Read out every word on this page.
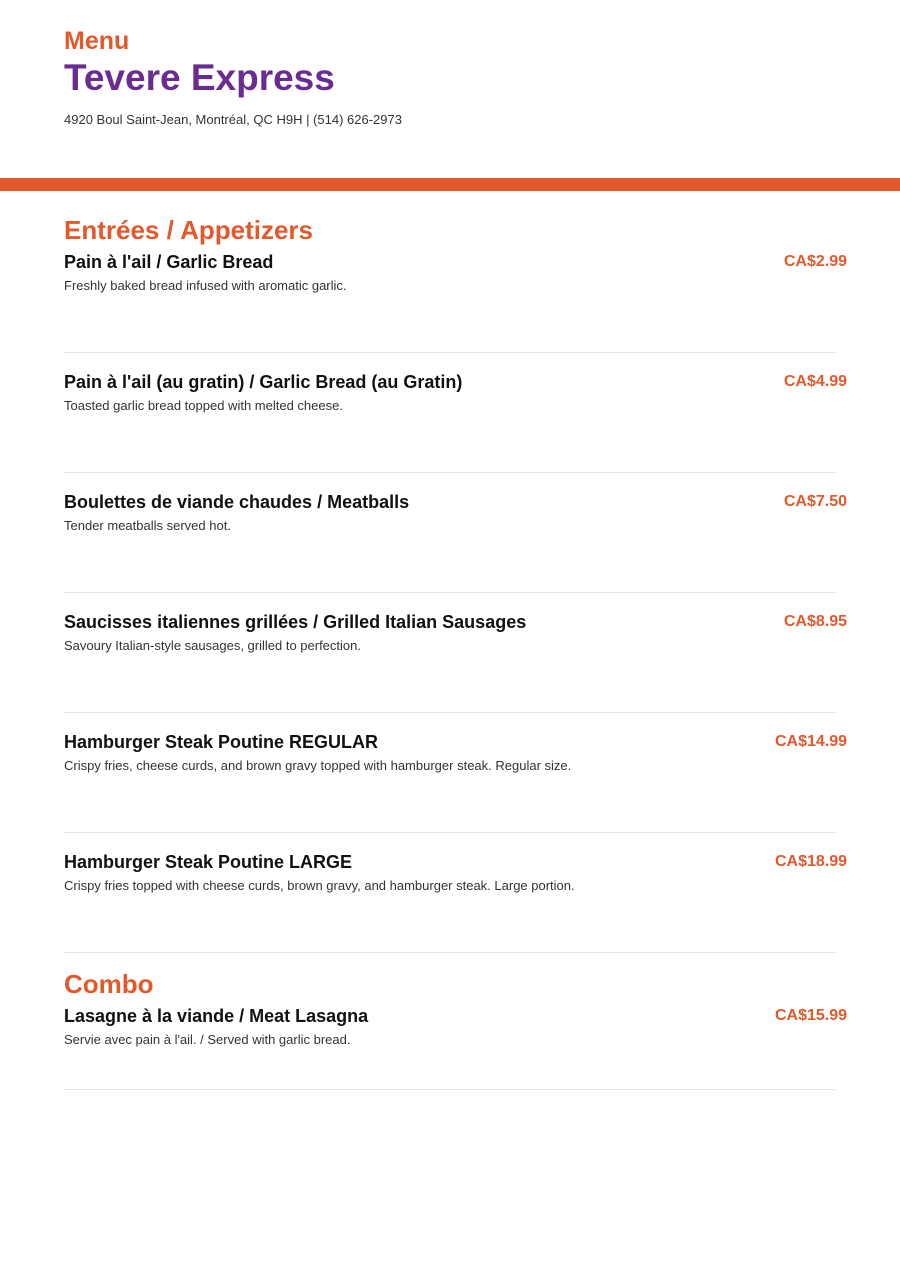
Menu
Tevere Express
4920 Boul Saint-Jean, Montréal, QC H9H | (514) 626-2973
Entrées / Appetizers
Pain à l'ail / Garlic Bread	CA$2.99
Freshly baked bread infused with aromatic garlic.
Pain à l'ail (au gratin) / Garlic Bread (au Gratin)	CA$4.99
Toasted garlic bread topped with melted cheese.
Boulettes de viande chaudes / Meatballs	CA$7.50
Tender meatballs served hot.
Saucisses italiennes grillées / Grilled Italian Sausages	CA$8.95
Savoury Italian-style sausages, grilled to perfection.
Hamburger Steak Poutine REGULAR	CA$14.99
Crispy fries, cheese curds, and brown gravy topped with hamburger steak. Regular size.
Hamburger Steak Poutine LARGE	CA$18.99
Crispy fries topped with cheese curds, brown gravy, and hamburger steak. Large portion.
Combo
Lasagne à la viande / Meat Lasagna	CA$15.99
Servie avec pain à l'ail. / Served with garlic bread.
